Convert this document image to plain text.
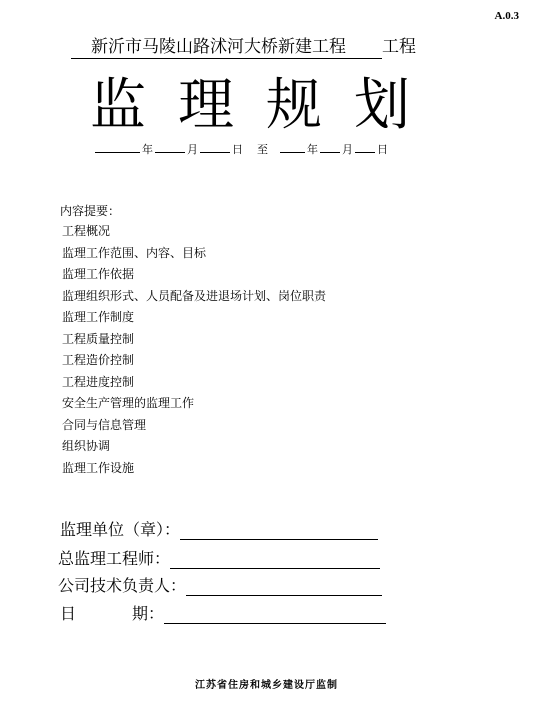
A.0.3
新沂市马陵山路沭河大桥新建工程 工程
监 理 规 划
年	月	日 至	年 月 日
内容提要：
工程概况
监理工作范围、内容、目标
监理工作依据
监理组织形式、人员配备及进退场计划、岗位职责
监理工作制度
工程质量控制
工程造价控制
工程进度控制
安全生产管理的监理工作
合同与信息管理
组织协调
监理工作设施
监理单位（章）：
总监理工程师：
公司技术负责人：
日	期：
江苏省住房和城乡建设厅监制
